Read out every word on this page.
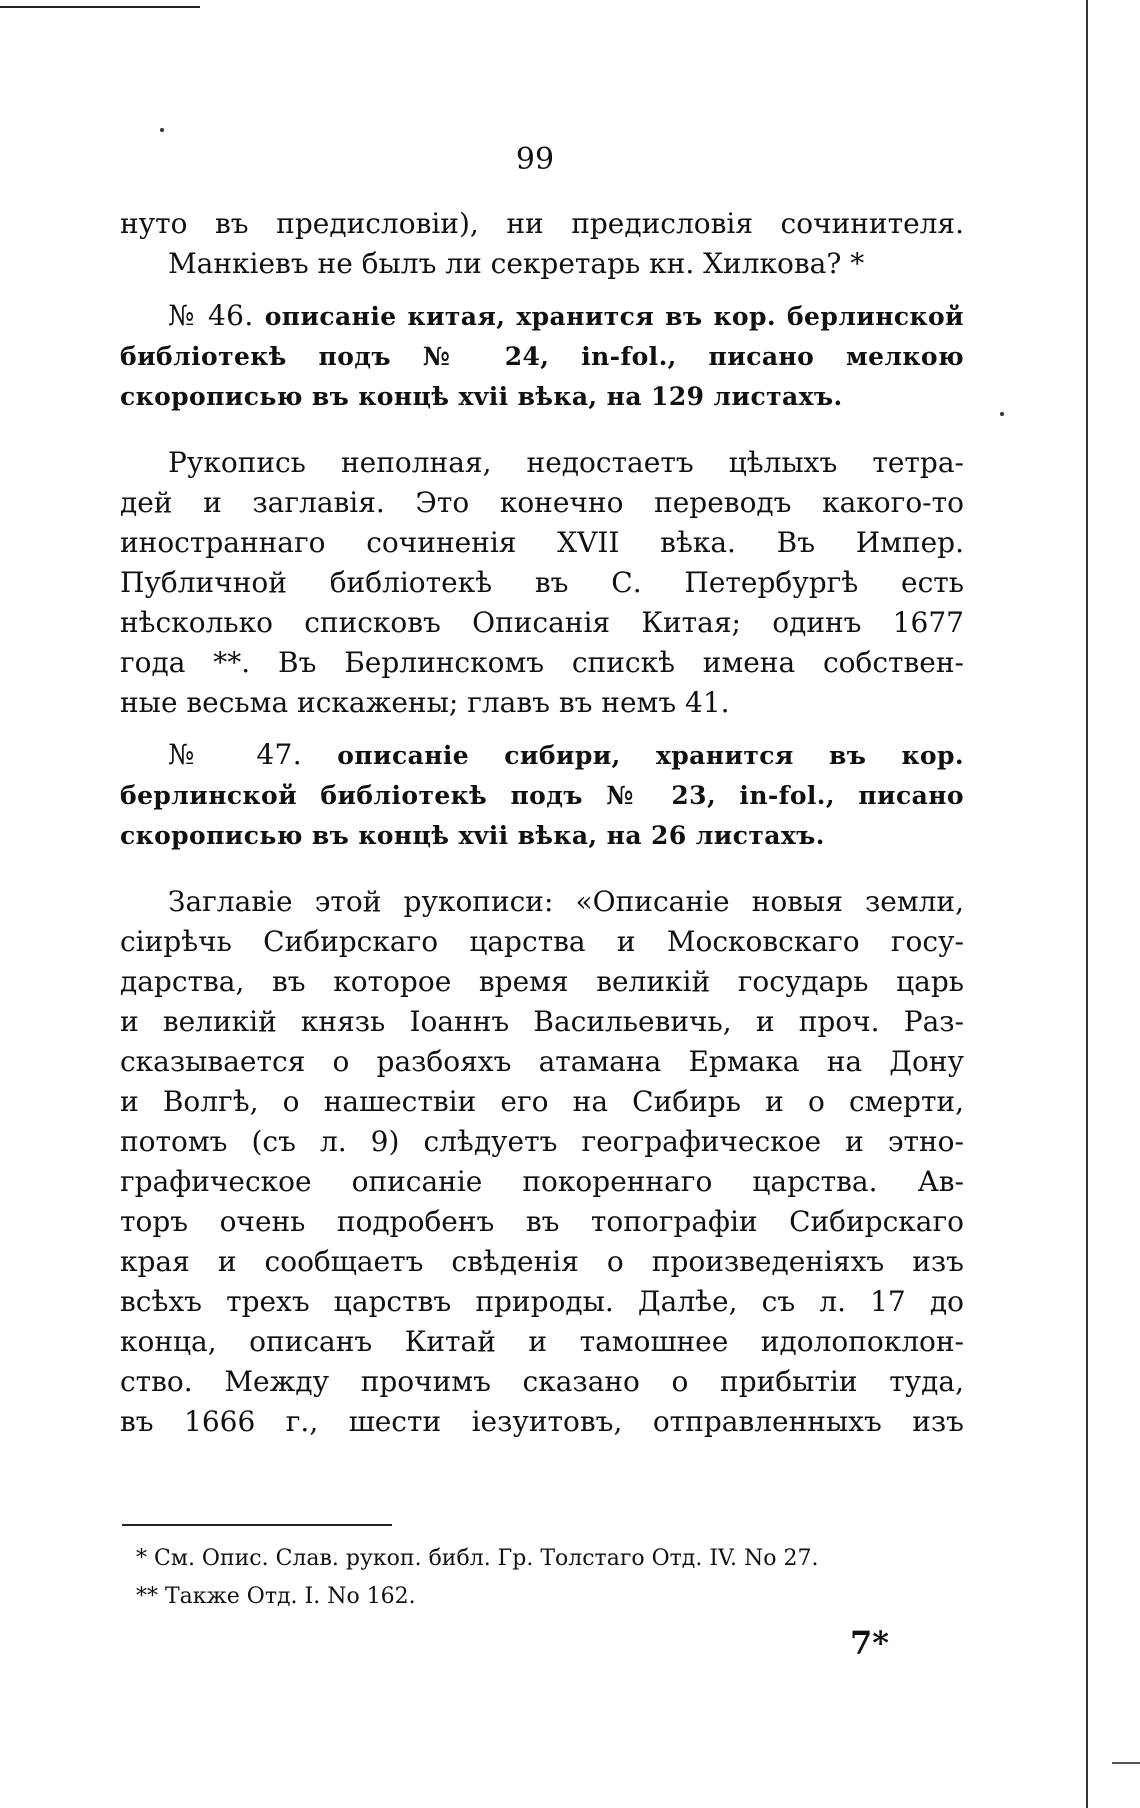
99

нуто въ предисловіи), ни предисловія сочинителя.

Манкіевъ не былъ ли секретарь кн. Хилкова? *

№ 46. описаніе китая, хранится въ кор. берлинской библіотекѣ подъ № 24, in-fol., писано мелкою скорописью въ концѣ xvii вѣка, на 129 листахъ.

Рукопись неполная, недостаетъ цѣлыхъ тетра-

дей и заглавія. Это конечно переводъ какого-то

иностраннаго сочиненія XVII вѣка. Въ Импер.

Публичной библіотекѣ въ С. Петербургѣ есть

нѣсколько списковъ Описанія Китая; одинъ 1677

года **. Въ Берлинскомъ спискѣ имена собствен-

ные весьма искажены; главъ въ немъ 41.

№ 47. описаніе сибири, хранится въ кор. берлинской библіотекѣ подъ № 23, in-fol., писано скорописью въ концѣ xvii вѣка, на 26 листахъ.

Заглавіе этой рукописи: «Описаніе новыя земли,

сіирѣчь Сибирскаго царства и Московскаго госу-

дарства, въ которое время великій государь царь

и великій князь Іоаннъ Васильевичь, и проч. Раз-

сказывается о разбояхъ атамана Ермака на Дону

и Волгѣ, о нашествіи его на Сибирь и о смерти,

потомъ (съ л. 9) слѣдуетъ географическое и этно-

графическое описаніе покореннаго царства. Ав-

торъ очень подробенъ въ топографіи Сибирскаго

края и сообщаетъ свѣденія о произведеніяхъ изъ

всѣхъ трехъ царствъ природы. Далѣе, съ л. 17 до

конца, описанъ Китай и тамошнее идолопоклон-

ство. Между прочимъ сказано о прибытіи туда,

въ 1666 г., шести іезуитовъ, отправленныхъ изъ

* См. Опис. Слав. рукоп. библ. Гр. Толстаго Отд. IV. No 27.

** Такжe Отд. I. No 162.

7*
